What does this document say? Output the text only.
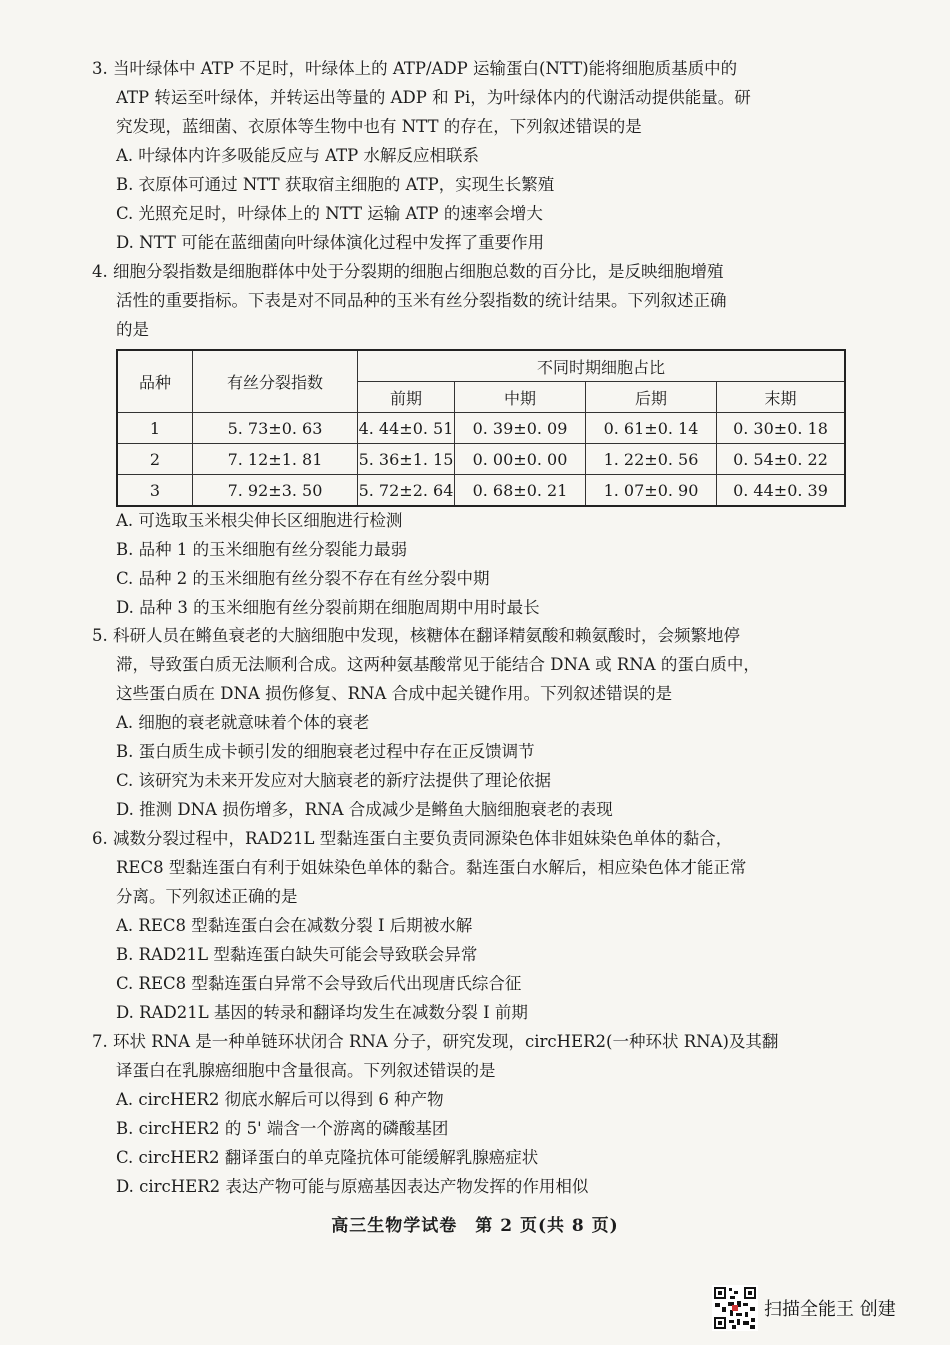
3. 当叶绿体中 ATP 不足时，叶绿体上的 ATP/ADP 运输蛋白(NTT)能将细胞质基质中的
ATP 转运至叶绿体，并转运出等量的 ADP 和 Pi，为叶绿体内的代谢活动提供能量。研
究发现，蓝细菌、衣原体等生物中也有 NTT 的存在，下列叙述错误的是
A. 叶绿体内许多吸能反应与 ATP 水解反应相联系
B. 衣原体可通过 NTT 获取宿主细胞的 ATP，实现生长繁殖
C. 光照充足时，叶绿体上的 NTT 运输 ATP 的速率会增大
D. NTT 可能在蓝细菌向叶绿体演化过程中发挥了重要作用
4. 细胞分裂指数是细胞群体中处于分裂期的细胞占细胞总数的百分比，是反映细胞增殖
活性的重要指标。下表是对不同品种的玉米有丝分裂指数的统计结果。下列叙述正确
的是
品种	有丝分裂指数	不同时期细胞占比			
		前期	中期	后期	末期
1	5. 73±0. 63	4. 44±0. 51	0. 39±0. 09	0. 61±0. 14	0. 30±0. 18
2	7. 12±1. 81	5. 36±1. 15	0. 00±0. 00	1. 22±0. 56	0. 54±0. 22
3	7. 92±3. 50	5. 72±2. 64	0. 68±0. 21	1. 07±0. 90	0. 44±0. 39
A. 可选取玉米根尖伸长区细胞进行检测
B. 品种 1 的玉米细胞有丝分裂能力最弱
C. 品种 2 的玉米细胞有丝分裂不存在有丝分裂中期
D. 品种 3 的玉米细胞有丝分裂前期在细胞周期中用时最长
5. 科研人员在鳉鱼衰老的大脑细胞中发现，核糖体在翻译精氨酸和赖氨酸时，会频繁地停
滞，导致蛋白质无法顺利合成。这两种氨基酸常见于能结合 DNA 或 RNA 的蛋白质中，
这些蛋白质在 DNA 损伤修复、RNA 合成中起关键作用。下列叙述错误的是
A. 细胞的衰老就意味着个体的衰老
B. 蛋白质生成卡顿引发的细胞衰老过程中存在正反馈调节
C. 该研究为未来开发应对大脑衰老的新疗法提供了理论依据
D. 推测 DNA 损伤增多，RNA 合成减少是鳉鱼大脑细胞衰老的表现
6. 减数分裂过程中，RAD21L 型黏连蛋白主要负责同源染色体非姐妹染色单体的黏合，
REC8 型黏连蛋白有利于姐妹染色单体的黏合。黏连蛋白水解后，相应染色体才能正常
分离。下列叙述正确的是
A. REC8 型黏连蛋白会在减数分裂 I 后期被水解
B. RAD21L 型黏连蛋白缺失可能会导致联会异常
C. REC8 型黏连蛋白异常不会导致后代出现唐氏综合征
D. RAD21L 基因的转录和翻译均发生在减数分裂 I 前期
7. 环状 RNA 是一种单链环状闭合 RNA 分子，研究发现，circHER2(一种环状 RNA)及其翻
译蛋白在乳腺癌细胞中含量很高。下列叙述错误的是
A. circHER2 彻底水解后可以得到 6 种产物
B. circHER2 的 5' 端含一个游离的磷酸基团
C. circHER2 翻译蛋白的单克隆抗体可能缓解乳腺癌症状
D. circHER2 表达产物可能与原癌基因表达产物发挥的作用相似
高三生物学试卷　第 2 页(共 8 页)
扫描全能王 创建
